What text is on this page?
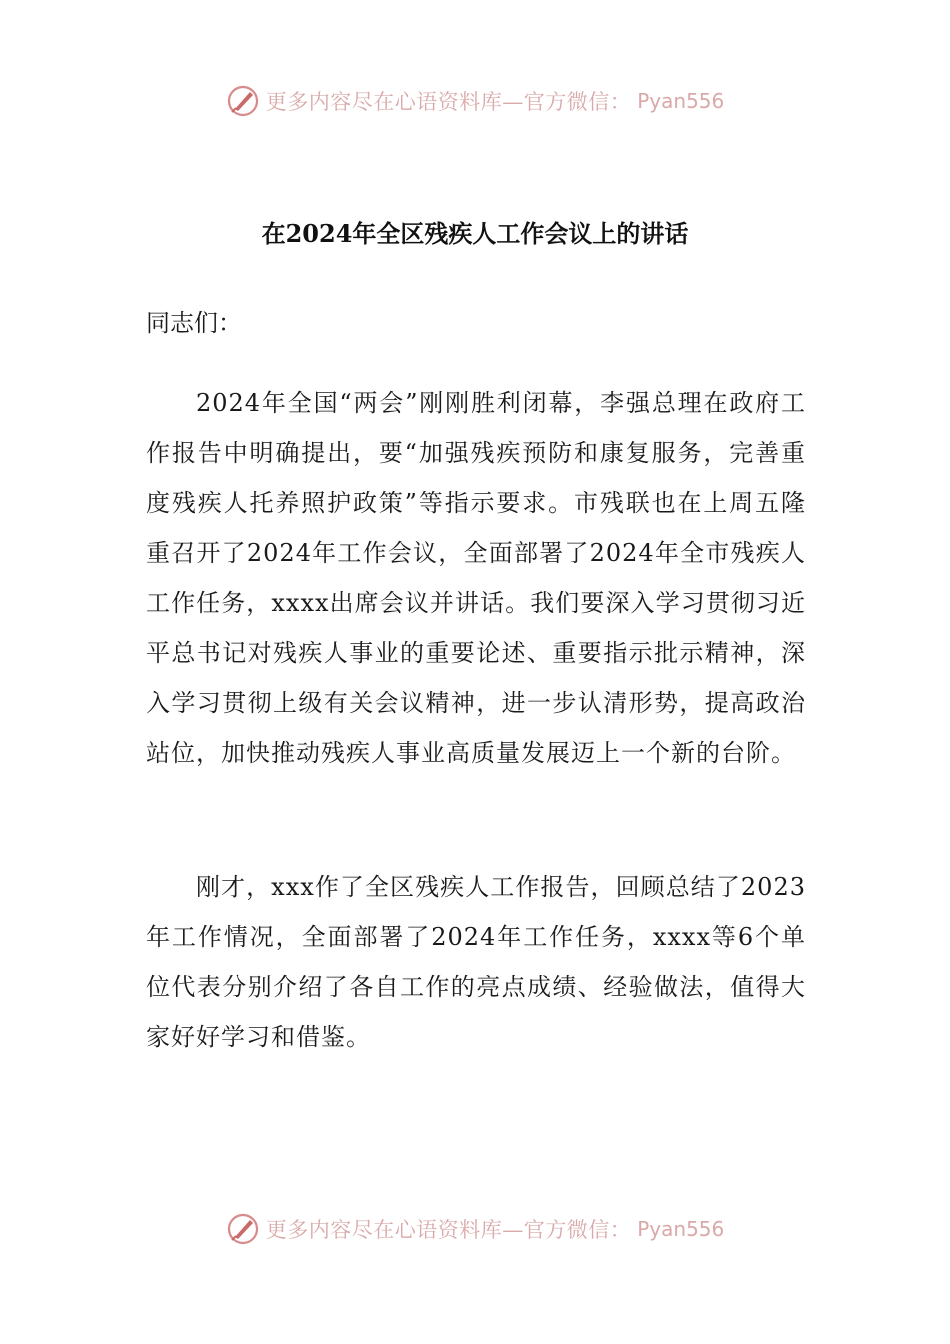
更多内容尽在心语资料库—官方微信： Pyan556
在2024年全区残疾人工作会议上的讲话
同志们：
2024年全国“两会”刚刚胜利闭幕，李强总理在政府工作报告中明确提出，要“加强残疾预防和康复服务，完善重度残疾人托养照护政策”等指示要求。市残联也在上周五隆重召开了2024年工作会议，全面部署了2024年全市残疾人工作任务，xxxx出席会议并讲话。我们要深入学习贯彻习近平总书记对残疾人事业的重要论述、重要指示批示精神，深入学习贯彻上级有关会议精神，进一步认清形势，提高政治站位，加快推动残疾人事业高质量发展迈上一个新的台阶。
刚才，xxx作了全区残疾人工作报告，回顾总结了2023年工作情况，全面部署了2024年工作任务，xxxx等6个单位代表分别介绍了各自工作的亮点成绩、经验做法，值得大家好好学习和借鉴。
更多内容尽在心语资料库—官方微信： Pyan556
